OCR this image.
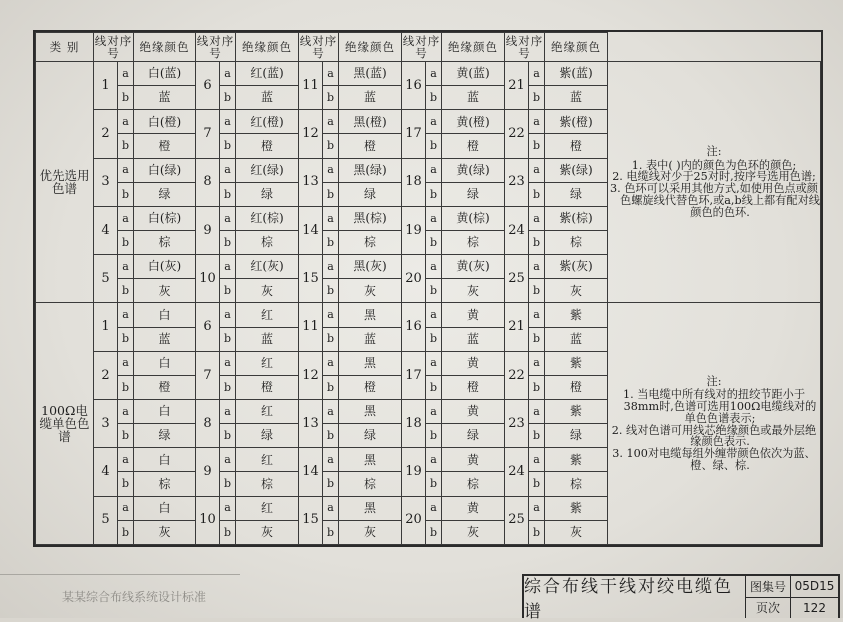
某某综合布线系统设计标准
类 别	线对序号		绝缘颜色	线对序号		绝缘颜色	线对序号		绝缘颜色	线对序号		绝缘颜色	线对序号		绝缘颜色	
优先选用色谱	1	a	白(蓝)	6	a	红(蓝)	11	a	黑(蓝)	16	a	黄(蓝)	21	a	紫(蓝)	注:
1. 表中( )内的颜色为色环的颜色;
2. 电缆线对少于25对时,按序号选用色谱;
3. 色环可以采用其他方式,如使用色点或颜色螺旋线代替色环,或a,b线上都有配对线颜色的色环.

		b	蓝		b	蓝		b	蓝		b	蓝		b	蓝	
	2	a	白(橙)	7	a	红(橙)	12	a	黑(橙)	17	a	黄(橙)	22	a	紫(橙)	
		b	橙		b	橙		b	橙		b	橙		b	橙	
	3	a	白(绿)	8	a	红(绿)	13	a	黑(绿)	18	a	黄(绿)	23	a	紫(绿)	
		b	绿		b	绿		b	绿		b	绿		b	绿	
	4	a	白(棕)	9	a	红(棕)	14	a	黑(棕)	19	a	黄(棕)	24	a	紫(棕)	
		b	棕		b	棕		b	棕		b	棕		b	棕	
	5	a	白(灰)	10	a	红(灰)	15	a	黑(灰)	20	a	黄(灰)	25	a	紫(灰)	
		b	灰		b	灰		b	灰		b	灰		b	灰	
100Ω电缆单色色谱	1	a	白	6	a	红	11	a	黑	16	a	黄	21	a	紫	注:
1. 当电缆中所有线对的扭绞节距小于38mm时,色谱可选用100Ω电缆线对的单色色谱表示;
2. 线对色谱可用线芯绝缘颜色或最外层绝缘颜色表示.
3. 100对电缆每组外缠带颜色依次为蓝、橙、绿、棕.

		b	蓝		b	蓝		b	蓝		b	蓝		b	蓝	
	2	a	白	7	a	红	12	a	黑	17	a	黄	22	a	紫	
		b	橙		b	橙		b	橙		b	橙		b	橙	
	3	a	白	8	a	红	13	a	黑	18	a	黄	23	a	紫	
		b	绿		b	绿		b	绿		b	绿		b	绿	
	4	a	白	9	a	红	14	a	黑	19	a	黄	24	a	紫	
		b	棕		b	棕		b	棕		b	棕		b	棕	
	5	a	白	10	a	红	15	a	黑	20	a	黄	25	a	紫	
		b	灰		b	灰		b	灰		b	灰		b	灰	
综合布线干线对绞电缆色谱
图集号 05D15
页次	122
